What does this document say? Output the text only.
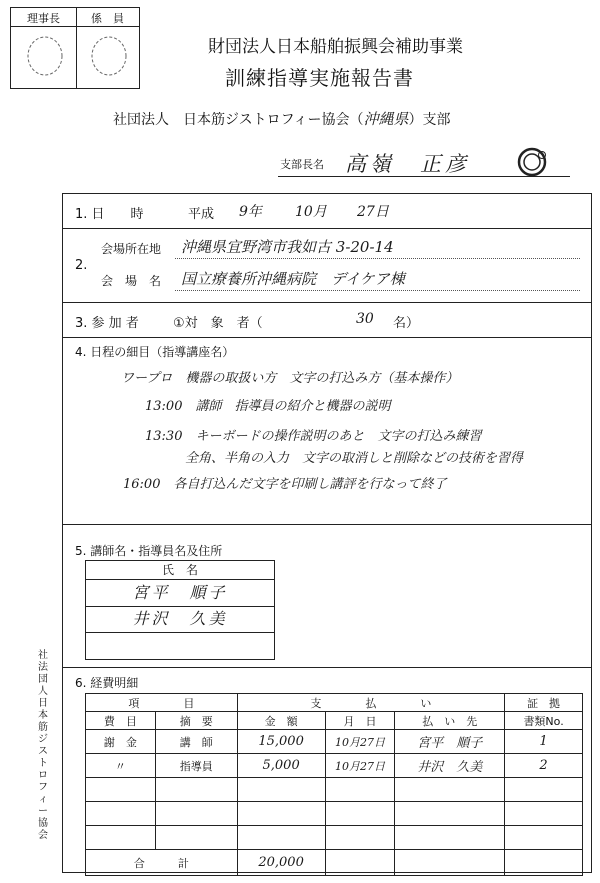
理事長	係　員
財団法人日本船舶振興会補助事業
訓練指導実施報告書
社団法人　日本筋ジストロフィー協会（沖縄県）支部
支部長名 高嶺　正彦
1. 日　　時	平成 9年 10月 27日
2.
会場所在地 沖縄県宜野湾市我如古 3-20-14
会　場　名 国立療養所沖縄病院　デイケア棟
3. 参 加 者	①対　象　者（	30 名）
4. 日程の細目（指導講座名）
ワープロ　機器の取扱い方　文字の打込み方（基本操作）
13:00　講師　指導員の紹介と機器の説明
13:30　キーボードの操作説明のあと　文字の打込み練習
全角、半角の入力　文字の取消しと削除などの技術を習得
16:00　各自打込んだ文字を印刷し講評を行なって終了
5. 講師名・指導員名及住所
氏　名
宮平　順子
井沢　久美
6. 経費明細
項　　　　目		支　　　　払　　　　い			証　拠
費　目	摘　要	金　額	月　日	払　い　先	書類No.
謝　金	講　師	15,000	10月27日	宮平　順子	1
〃	指導員	5,000	10月27日	井沢　久美	2

合　　　計		20,000			
社法団人日本筋ジストロフィー協会
